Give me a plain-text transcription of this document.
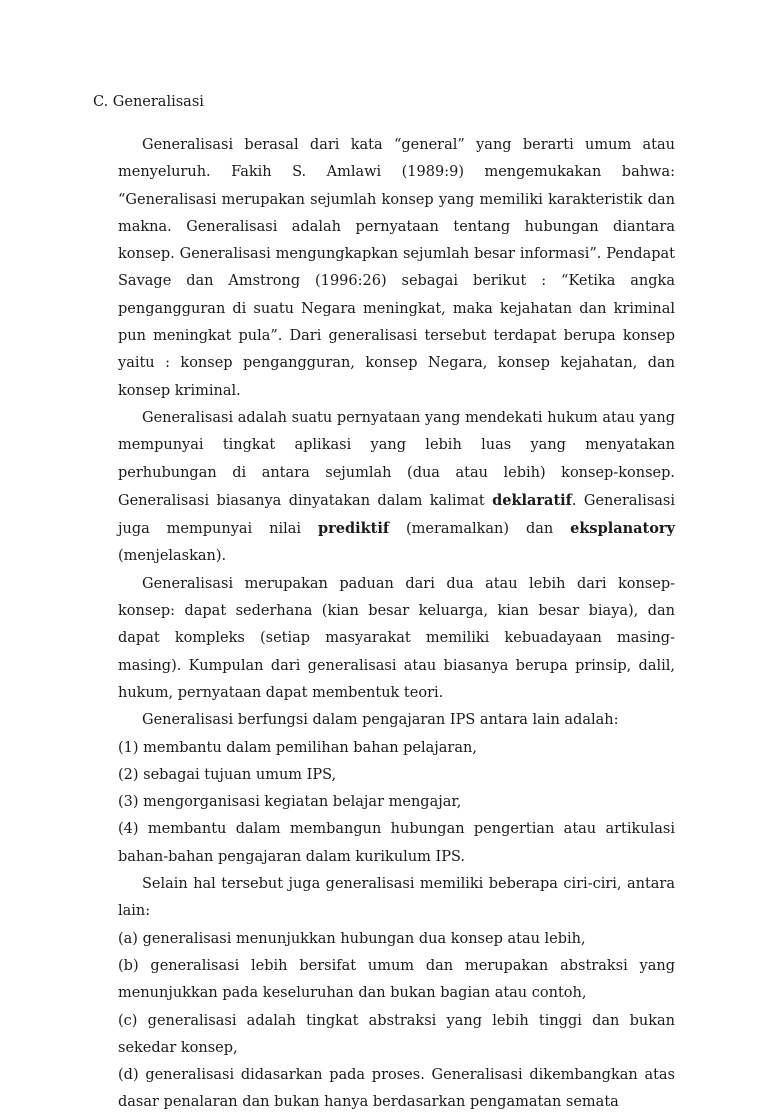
C. Generalisasi

Generalisasi berasal dari kata “general” yang berarti umum atau menyeluruh. Fakih S. Amlawi (1989:9) mengemukakan bahwa: “Generalisasi merupakan sejumlah konsep yang memiliki karakteristik dan makna. Generalisasi adalah pernyataan tentang hubungan diantara konsep. Generalisasi mengungkapkan sejumlah besar informasi”. Pendapat Savage dan Amstrong (1996:26) sebagai berikut : “Ketika angka pengangguran di suatu Negara meningkat, maka kejahatan dan kriminal pun meningkat pula”. Dari generalisasi tersebut terdapat berupa konsep yaitu : konsep pengangguran, konsep Negara, konsep kejahatan, dan konsep kriminal.

Generalisasi adalah suatu pernyataan yang mendekati hukum atau yang mempunyai tingkat aplikasi yang lebih luas yang menyatakan perhubungan di antara sejumlah (dua atau lebih) konsep-konsep. Generalisasi biasanya dinyatakan dalam kalimat deklaratif. Generalisasi juga mempunyai nilai prediktif (meramalkan) dan eksplanatory (menjelaskan).

Generalisasi merupakan paduan dari dua atau lebih dari konsep-konsep: dapat sederhana (kian besar keluarga, kian besar biaya), dan dapat kompleks (setiap masyarakat memiliki kebuadayaan masing-masing). Kumpulan dari generalisasi atau biasanya berupa prinsip, dalil, hukum, pernyataan dapat membentuk teori.

Generalisasi berfungsi dalam pengajaran IPS antara lain adalah:

(1) membantu dalam pemilihan bahan pelajaran,

(2) sebagai tujuan umum IPS,

(3) mengorganisasi kegiatan belajar mengajar,

(4) membantu dalam membangun hubungan pengertian atau artikulasi bahan-bahan pengajaran dalam kurikulum IPS.

Selain hal tersebut juga generalisasi memiliki beberapa ciri-ciri, antara lain:

(a) generalisasi menunjukkan hubungan dua konsep atau lebih,

(b) generalisasi lebih bersifat umum dan merupakan abstraksi yang menunjukkan pada keseluruhan dan bukan bagian atau contoh,

(c) generalisasi adalah tingkat abstraksi yang lebih tinggi dan bukan sekedar konsep,

(d) generalisasi didasarkan pada proses. Generalisasi dikembangkan atas dasar penalaran dan bukan hanya berdasarkan pengamatan semata
